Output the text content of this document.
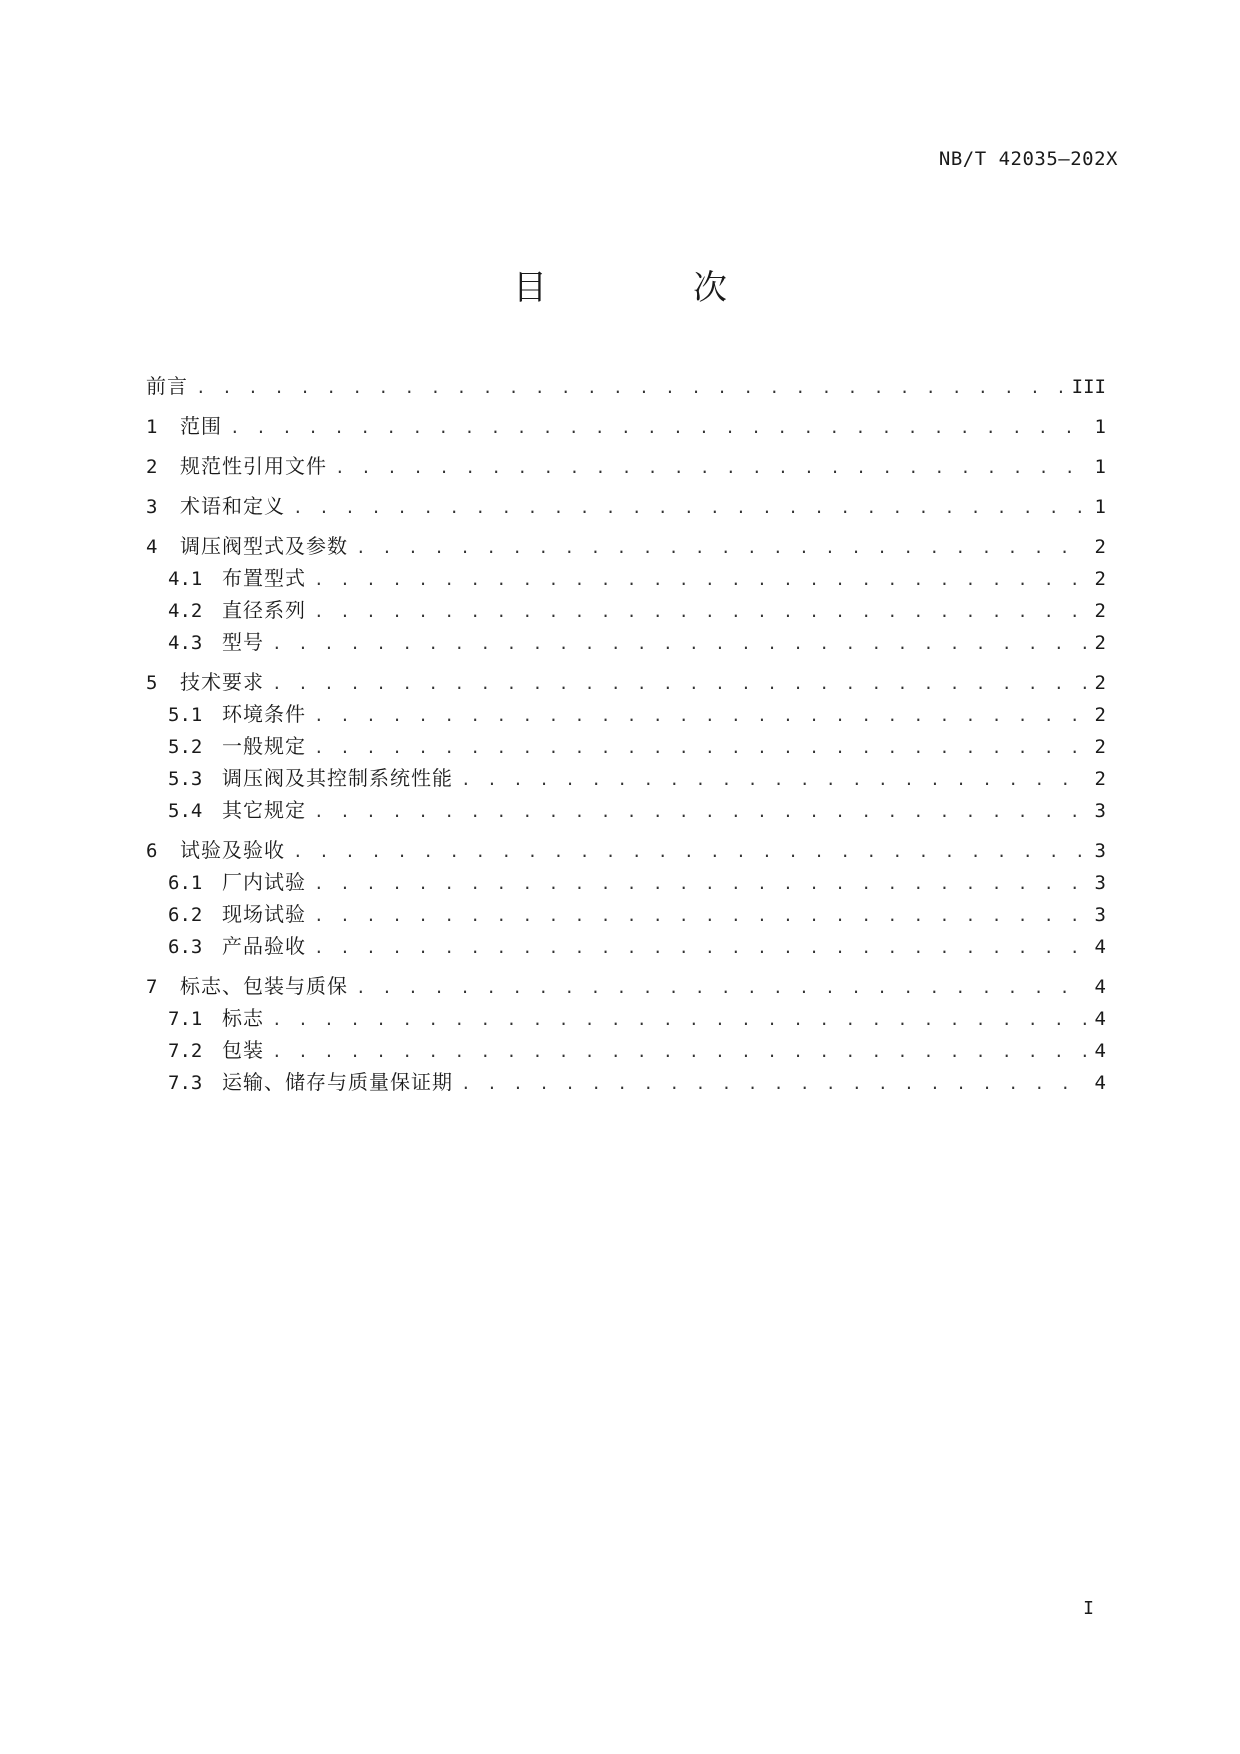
NB/T 42035—202X
目　次
前言 . . .	III
1	范围 . . .	1
2	规范性引用文件 . . .	1
3	术语和定义 . . .	1
4	调压阀型式及参数 . . .	2
4.1 布置型式 . . .	2
4.2 直径系列 . . .	2
4.3 型号 . . .	2
5	技术要求 . . .	2
5.1 环境条件 . . .	2
5.2 一般规定 . . .	2
5.3 调压阀及其控制系统性能 . . .	2
5.4 其它规定 . . .	3
6	试验及验收 . . .	3
6.1 厂内试验 . . .	3
6.2 现场试验 . . .	3
6.3 产品验收 . . .	4
7	标志、包装与质保 . . .	4
7.1 标志 . . .	4
7.2 包装 . . .	4
7.3 运输、储存与质量保证期 . . .	4
I
